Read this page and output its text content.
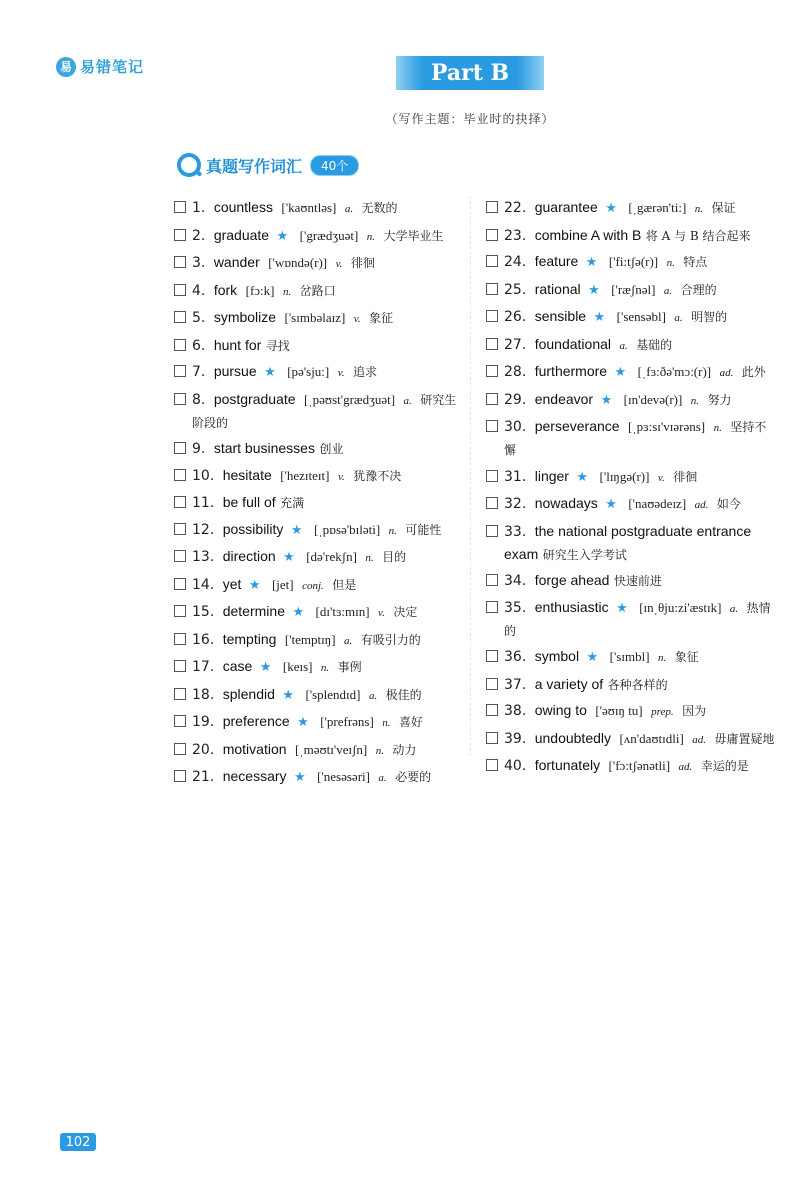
易 易错笔记	Part B
（写作主题：毕业时的抉择）
真题写作词汇	40个
1. countless ['kaʊntləs] a. 无数的
2. graduate ★ ['grædʒuət] n. 大学毕业生
3. wander ['wɒndə(r)] v. 徘徊
4. fork [fɔ:k] n. 岔路口
5. symbolize ['sɪmbəlaɪz] v. 象征
6. hunt for 寻找
7. pursue ★ [pə'sju:] v. 追求
8. postgraduate [ˌpəʊst'grædʒuət] a. 研究生阶段的
9. start businesses 创业
10. hesitate ['hezɪteɪt] v. 犹豫不决
11. be full of 充满
12. possibility ★ [ˌpɒsə'bɪləti] n. 可能性
13. direction ★ [də'rekʃn] n. 目的
14. yet ★ [jet] conj. 但是
15. determine ★ [dɪ'tɜ:mɪn] v. 决定
16. tempting ['temptɪŋ] a. 有吸引力的
17. case ★ [keɪs] n. 事例
18. splendid ★ ['splendɪd] a. 极佳的
19. preference ★ ['prefrəns] n. 喜好
20. motivation [ˌməʊtɪ'veɪʃn] n. 动力
21. necessary ★ ['nesəsəri] a. 必要的
22. guarantee ★ [ˌgærən'ti:] n. 保证
23. combine A with B 将 A 与 B 结合起来
24. feature ★ ['fi:tʃə(r)] n. 特点
25. rational ★ ['ræʃnəl] a. 合理的
26. sensible ★ ['sensəbl] a. 明智的
27. foundational a. 基础的
28. furthermore ★ [ˌfɜ:ðə'mɔ:(r)] ad. 此外
29. endeavor ★ [ɪn'devə(r)] n. 努力
30. perseverance [ˌpɜ:sɪ'vɪərəns] n. 坚持不懈
31. linger ★ ['lɪŋgə(r)] v. 徘徊
32. nowadays ★ ['naʊədeɪz] ad. 如今
33. the national postgraduate entrance exam 研究生入学考试
34. forge ahead 快速前进
35. enthusiastic ★ [ɪnˌθju:zi'æstɪk] a. 热情的
36. symbol ★ ['sɪmbl] n. 象征
37. a variety of 各种各样的
38. owing to ['əʊɪŋ tu] prep. 因为
39. undoubtedly [ʌn'daʊtɪdli] ad. 毋庸置疑地
40. fortunately ['fɔ:tʃənətli] ad. 幸运的是
102
